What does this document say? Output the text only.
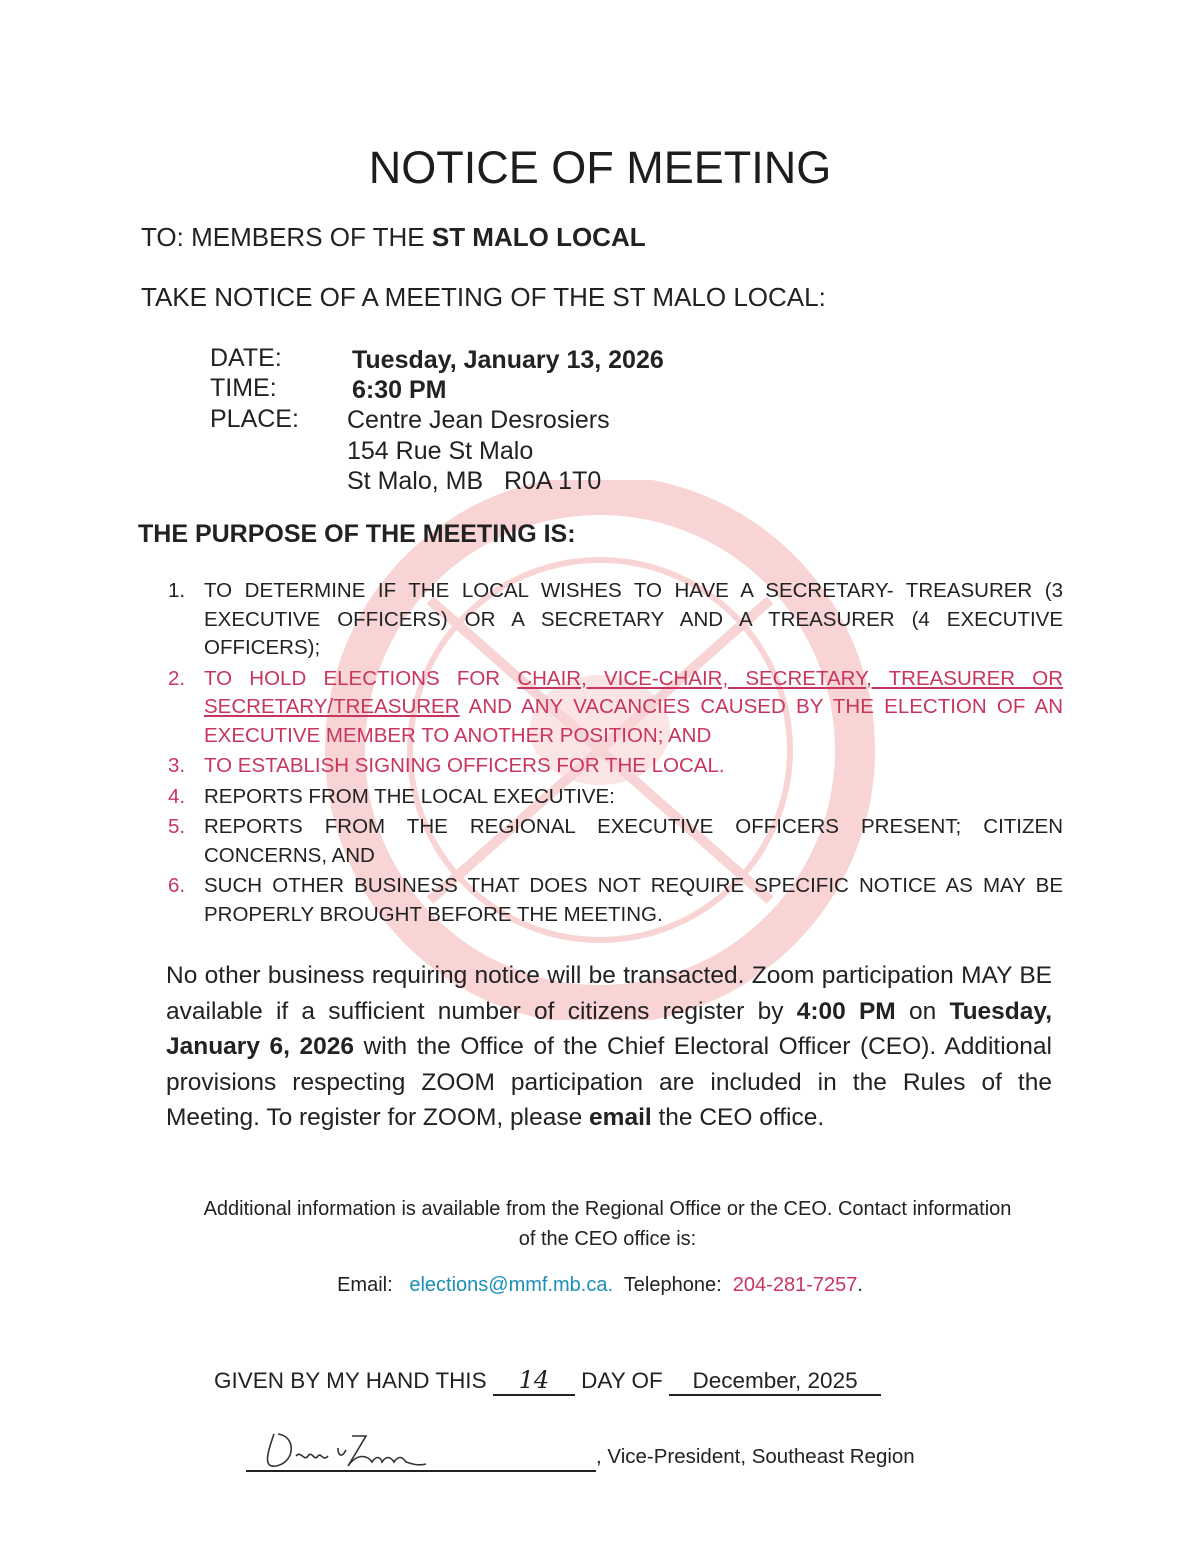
NOTICE OF MEETING
TO: MEMBERS OF THE ST MALO LOCAL
TAKE NOTICE OF A MEETING OF THE ST MALO LOCAL:
DATE:	Tuesday, January 13, 2026
TIME:	6:30 PM
PLACE: Centre Jean Desrosiers
154 Rue St Malo
St Malo, MB   R0A 1T0
THE PURPOSE OF THE MEETING IS:
1. TO DETERMINE IF THE LOCAL WISHES TO HAVE A SECRETARY- TREASURER (3 EXECUTIVE OFFICERS) OR A SECRETARY AND A TREASURER (4 EXECUTIVE OFFICERS);
2. TO HOLD ELECTIONS FOR CHAIR, VICE-CHAIR, SECRETARY, TREASURER OR SECRETARY/TREASURER AND ANY VACANCIES CAUSED BY THE ELECTION OF AN EXECUTIVE MEMBER TO ANOTHER POSITION; AND
3. TO ESTABLISH SIGNING OFFICERS FOR THE LOCAL.
4. REPORTS FROM THE LOCAL EXECUTIVE:
5. REPORTS FROM THE REGIONAL EXECUTIVE OFFICERS PRESENT; CITIZEN CONCERNS, AND
6. SUCH OTHER BUSINESS THAT DOES NOT REQUIRE SPECIFIC NOTICE AS MAY BE PROPERLY BROUGHT BEFORE THE MEETING.
No other business requiring notice will be transacted. Zoom participation MAY BE available if a sufficient number of citizens register by 4:00 PM on Tuesday, January 6, 2026 with the Office of the Chief Electoral Officer (CEO). Additional provisions respecting ZOOM participation are included in the Rules of the Meeting. To register for ZOOM, please email the CEO office.
Additional information is available from the Regional Office or the CEO. Contact information of the CEO office is:
Email: elections@mmf.mb.ca. Telephone: 204-281-7257.
GIVEN BY MY HAND THIS 14 DAY OF December, 2025
, Vice-President, Southeast Region
